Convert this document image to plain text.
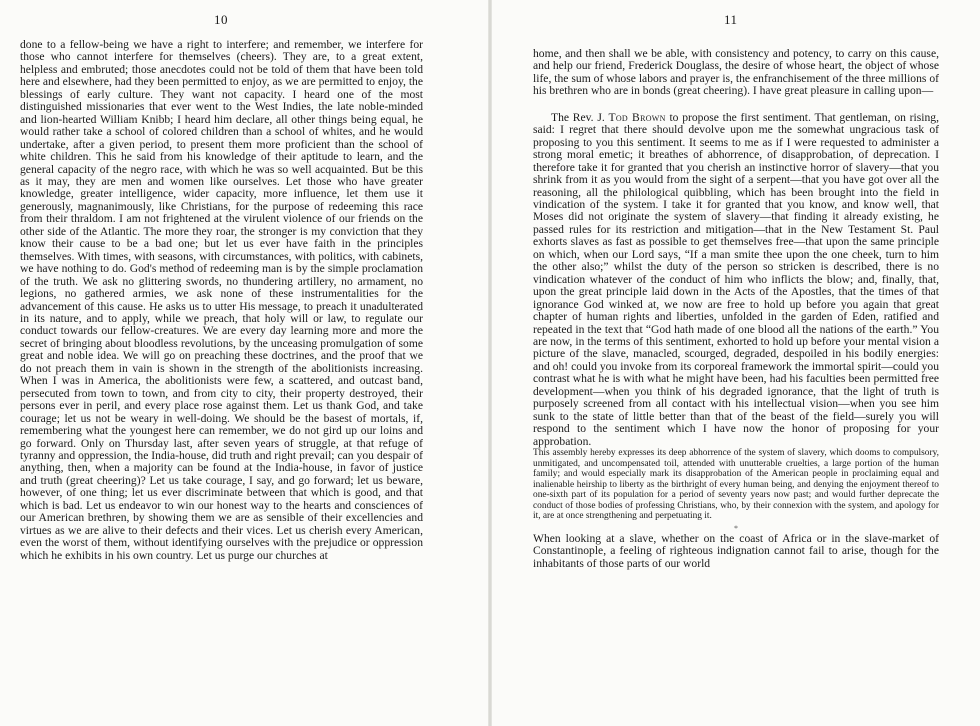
10

done to a fellow-being we have a right to interfere; and remember, we interfere for those who cannot interfere for themselves (cheers). They are, to a great extent, helpless and embruted; those anecdotes could not be told of them that have been told here and elsewhere, had they been permitted to enjoy, as we are permitted to enjoy, the blessings of early culture. They want not capacity. I heard one of the most distinguished missionaries that ever went to the West Indies, the late noble-minded and lion-hearted William Knibb; I heard him declare, all other things being equal, he would rather take a school of colored children than a school of whites, and he would undertake, after a given period, to present them more proficient than the school of white children. This he said from his knowledge of their aptitude to learn, and the general capacity of the negro race, with which he was so well acquainted. But be this as it may, they are men and women like ourselves. Let those who have greater knowledge, greater intelligence, wider capacity, more influence, let them use it generously, magnanimously, like Christians, for the purpose of redeeming this race from their thraldom. I am not frightened at the virulent violence of our friends on the other side of the Atlantic. The more they roar, the stronger is my conviction that they know their cause to be a bad one; but let us ever have faith in the principles themselves. With times, with seasons, with circumstances, with politics, with cabinets, we have nothing to do. God's method of redeeming man is by the simple proclamation of the truth. We ask no glittering swords, no thundering artillery, no armament, no legions, no gathered armies, we ask none of these instrumentalities for the advancement of this cause. He asks us to utter His message, to preach it unadulterated in its nature, and to apply, while we preach, that holy will or law, to regulate our conduct towards our fellow-creatures. We are every day learning more and more the secret of bringing about bloodless revolutions, by the unceasing promulgation of some great and noble idea. We will go on preaching these doctrines, and the proof that we do not preach them in vain is shown in the strength of the abolitionists increasing. When I was in America, the abolitionists were few, a scattered, and outcast band, persecuted from town to town, and from city to city, their property destroyed, their persons ever in peril, and every place rose against them. Let us thank God, and take courage; let us not be weary in well-doing. We should be the basest of mortals, if, remembering what the youngest here can remember, we do not gird up our loins and go forward. Only on Thursday last, after seven years of struggle, at that refuge of tyranny and oppression, the India-house, did truth and right prevail; can you despair of anything, then, when a majority can be found at the India-house, in favor of justice and truth (great cheering)? Let us take courage, I say, and go forward; let us beware, however, of one thing; let us ever discriminate between that which is good, and that which is bad. Let us endeavor to win our honest way to the hearts and consciences of our American brethren, by showing them we are as sensible of their excellencies and virtues as we are alive to their defects and their vices. Let us cherish every American, even the worst of them, without identifying ourselves with the prejudice or oppression which he exhibits in his own country. Let us purge our churches at

11

home, and then shall we be able, with consistency and potency, to carry on this cause, and help our friend, Frederick Douglass, the desire of whose heart, the object of whose life, the sum of whose labors and prayer is, the enfranchisement of the three millions of his brethren who are in bonds (great cheering). I have great pleasure in calling upon—

The Rev. J. Tod Brown to propose the first sentiment. That gentleman, on rising, said: I regret that there should devolve upon me the somewhat ungracious task of proposing to you this sentiment. It seems to me as if I were requested to administer a strong moral emetic; it breathes of abhorrence, of disapprobation, of deprecation. I therefore take it for granted that you cherish an instinctive horror of slavery—that you shrink from it as you would from the sight of a serpent—that you have got over all the reasoning, all the philological quibbling, which has been brought into the field in vindication of the system. I take it for granted that you know, and know well, that Moses did not originate the system of slavery—that finding it already existing, he passed rules for its restriction and mitigation—that in the New Testament St. Paul exhorts slaves as fast as possible to get themselves free—that upon the same principle on which, when our Lord says, “If a man smite thee upon the one cheek, turn to him the other also;” whilst the duty of the person so stricken is described, there is no vindication whatever of the conduct of him who inflicts the blow; and, finally, that, upon the great principle laid down in the Acts of the Apostles, that the times of that ignorance God winked at, we now are free to hold up before you again that great chapter of human rights and liberties, unfolded in the garden of Eden, ratified and repeated in the text that “God hath made of one blood all the nations of the earth.” You are now, in the terms of this sentiment, exhorted to hold up before your mental vision a picture of the slave, manacled, scourged, degraded, despoiled in his bodily energies: and oh! could you invoke from its corporeal framework the immortal spirit—could you contrast what he is with what he might have been, had his faculties been permitted free development—when you think of his degraded ignorance, that the light of truth is purposely screened from all contact with his intellectual vision—when you see him sunk to the state of little better than that of the beast of the field—surely you will respond to the sentiment which I have now the honor of proposing for your approbation.

This assembly hereby expresses its deep abhorrence of the system of slavery, which dooms to compulsory, unmitigated, and uncompensated toil, attended with unutterable cruelties, a large portion of the human family; and would especially mark its disapprobation of the American people in proclaiming equal and inalienable heirship to liberty as the birthright of every human being, and denying the enjoyment thereof to one-sixth part of its population for a period of seventy years now past; and would further deprecate the conduct of those bodies of professing Christians, who, by their connexion with the system, and apology for it, are at once strengthening and perpetuating it.

*

When looking at a slave, whether on the coast of Africa or in the slave-market of Constantinople, a feeling of righteous indignation cannot fail to arise, though for the inhabitants of those parts of our world
